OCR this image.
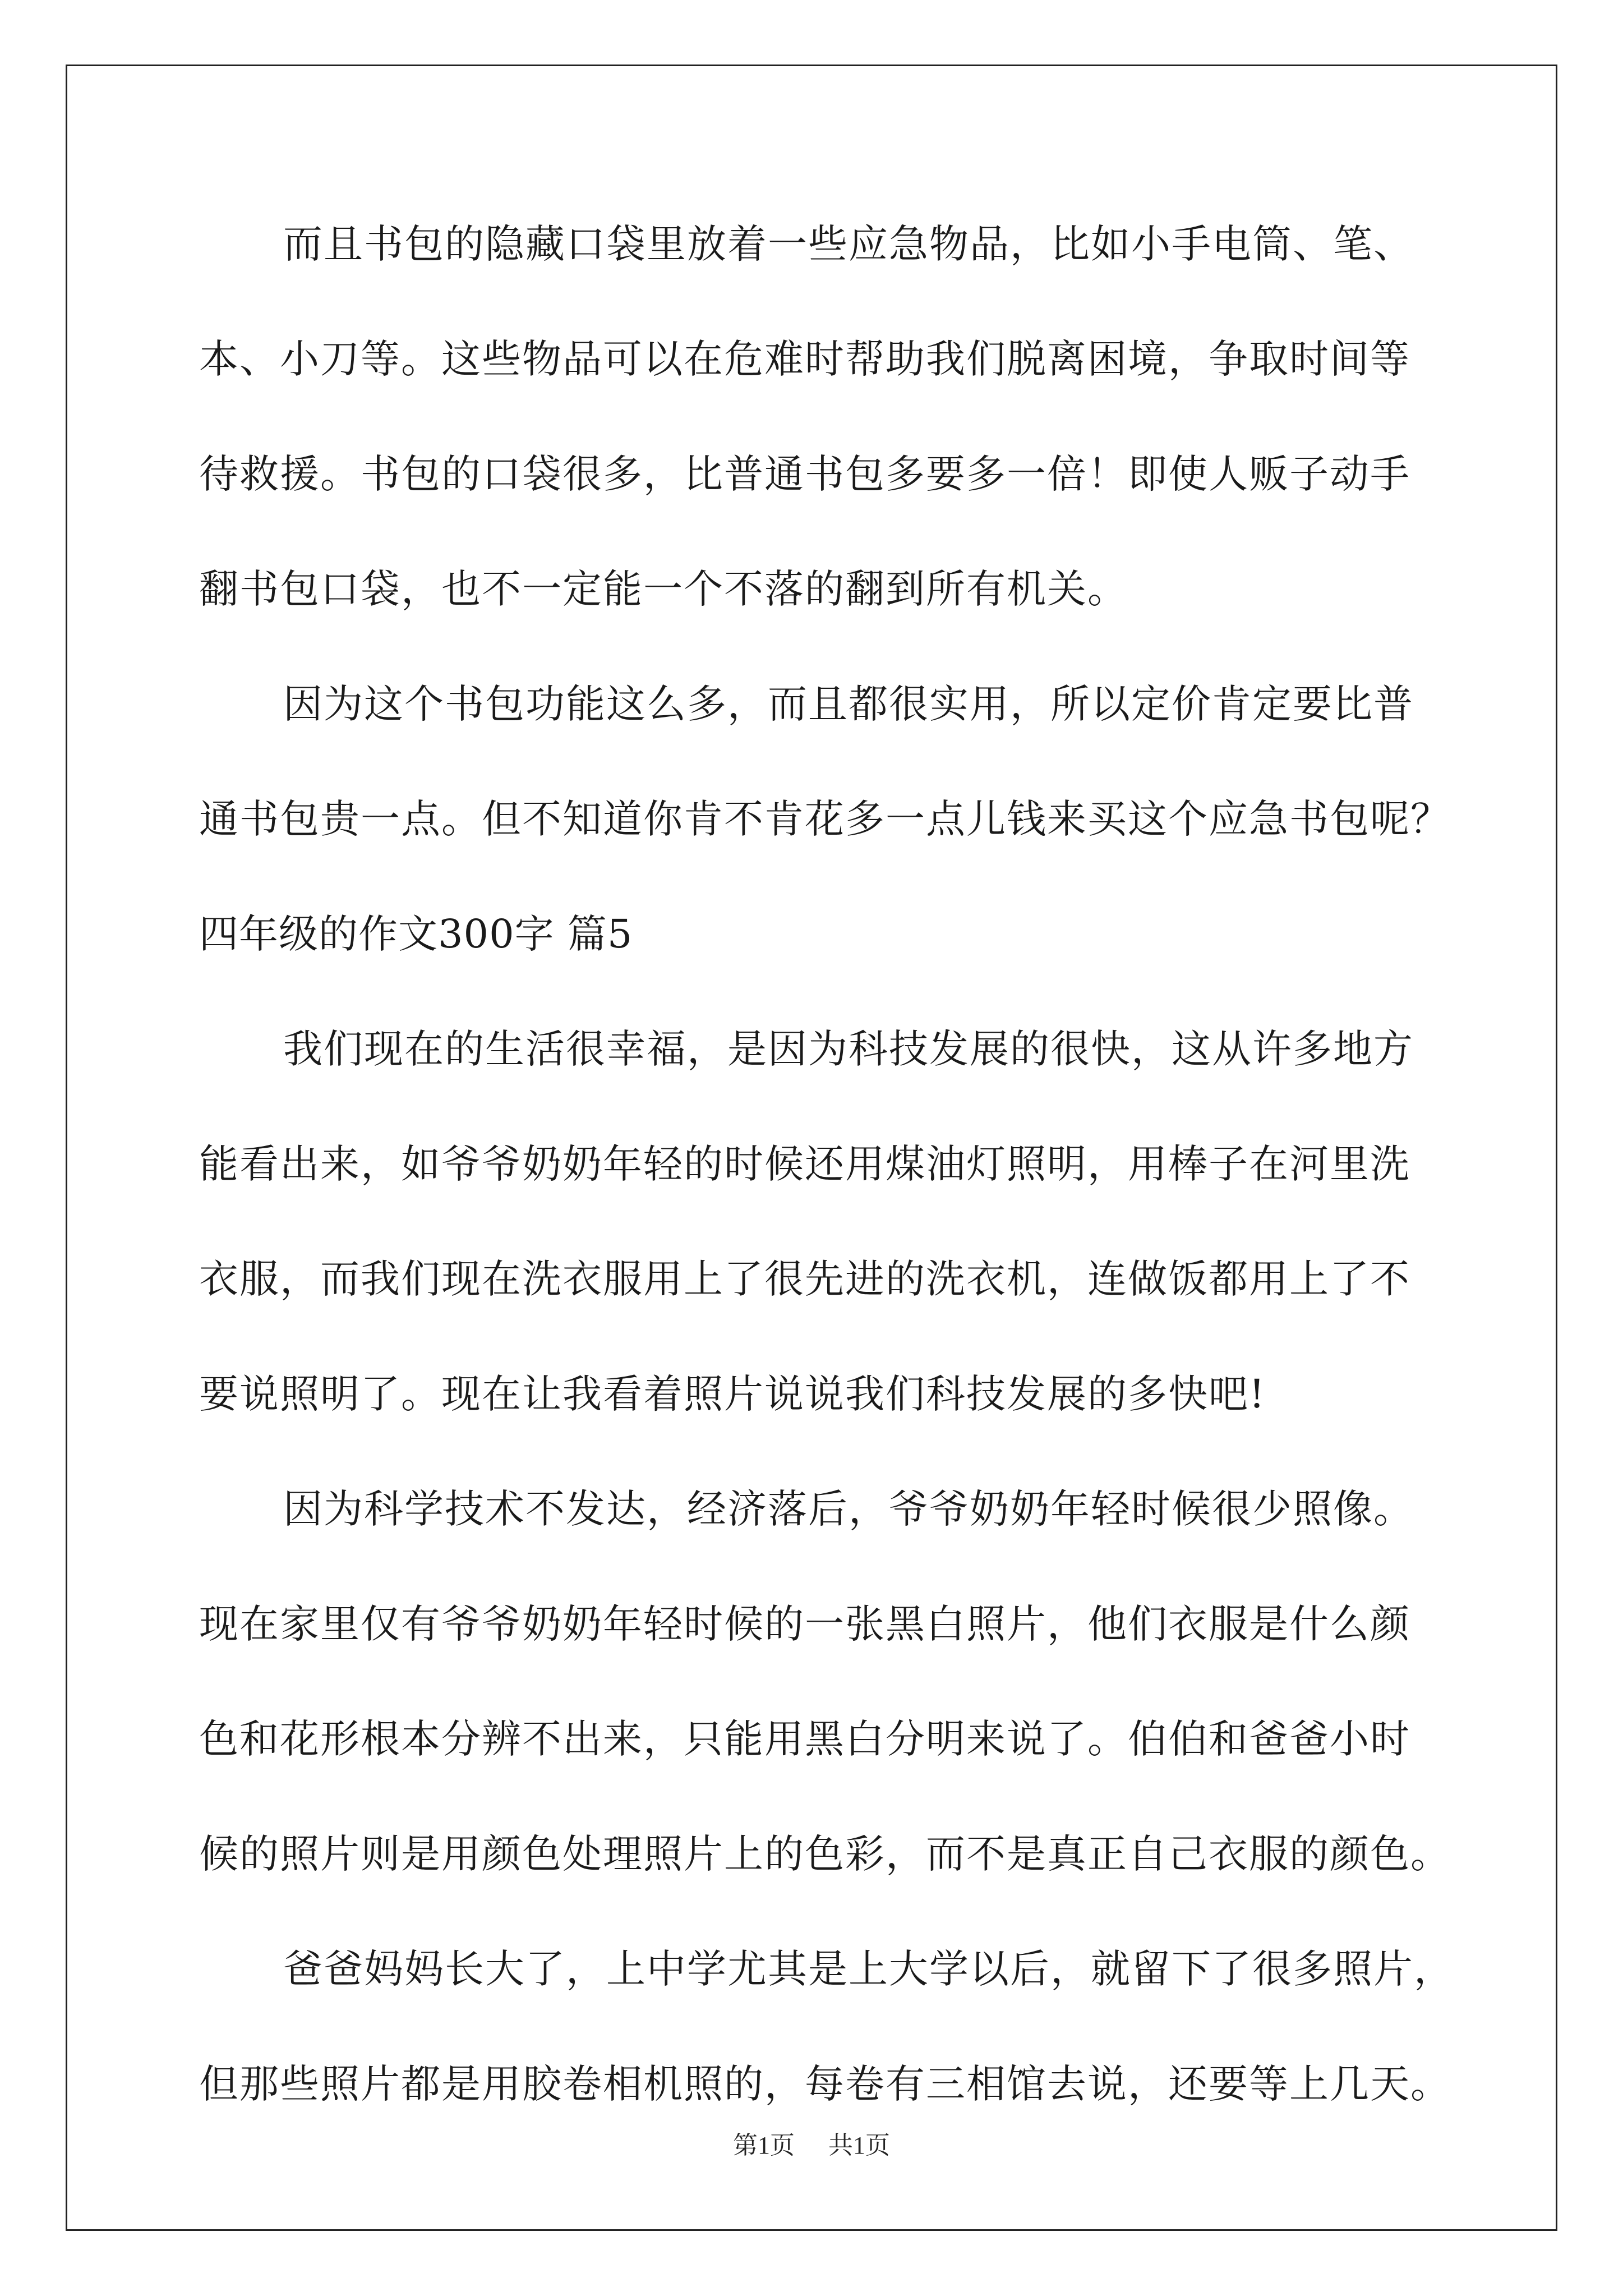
而且书包的隐藏口袋里放着一些应急物品，比如小手电筒、笔、
本、小刀等。这些物品可以在危难时帮助我们脱离困境，争取时间等
待救援。书包的口袋很多，比普通书包多要多一倍！即使人贩子动手
翻书包口袋，也不一定能一个不落的翻到所有机关。
因为这个书包功能这么多，而且都很实用，所以定价肯定要比普
通书包贵一点。但不知道你肯不肯花多一点儿钱来买这个应急书包呢？
四年级的作文300字 篇5
我们现在的生活很幸福，是因为科技发展的很快，这从许多地方
能看出来，如爷爷奶奶年轻的时候还用煤油灯照明，用棒子在河里洗
衣服，而我们现在洗衣服用上了很先进的洗衣机，连做饭都用上了不
要说照明了。现在让我看着照片说说我们科技发展的多快吧!
因为科学技术不发达，经济落后，爷爷奶奶年轻时候很少照像。
现在家里仅有爷爷奶奶年轻时候的一张黑白照片，他们衣服是什么颜
色和花形根本分辨不出来，只能用黑白分明来说了。伯伯和爸爸小时
候的照片则是用颜色处理照片上的色彩，而不是真正自己衣服的颜色。
爸爸妈妈长大了，上中学尤其是上大学以后，就留下了很多照片，
但那些照片都是用胶卷相机照的，每卷有三相馆去说，还要等上几天。
第1页 共1页
